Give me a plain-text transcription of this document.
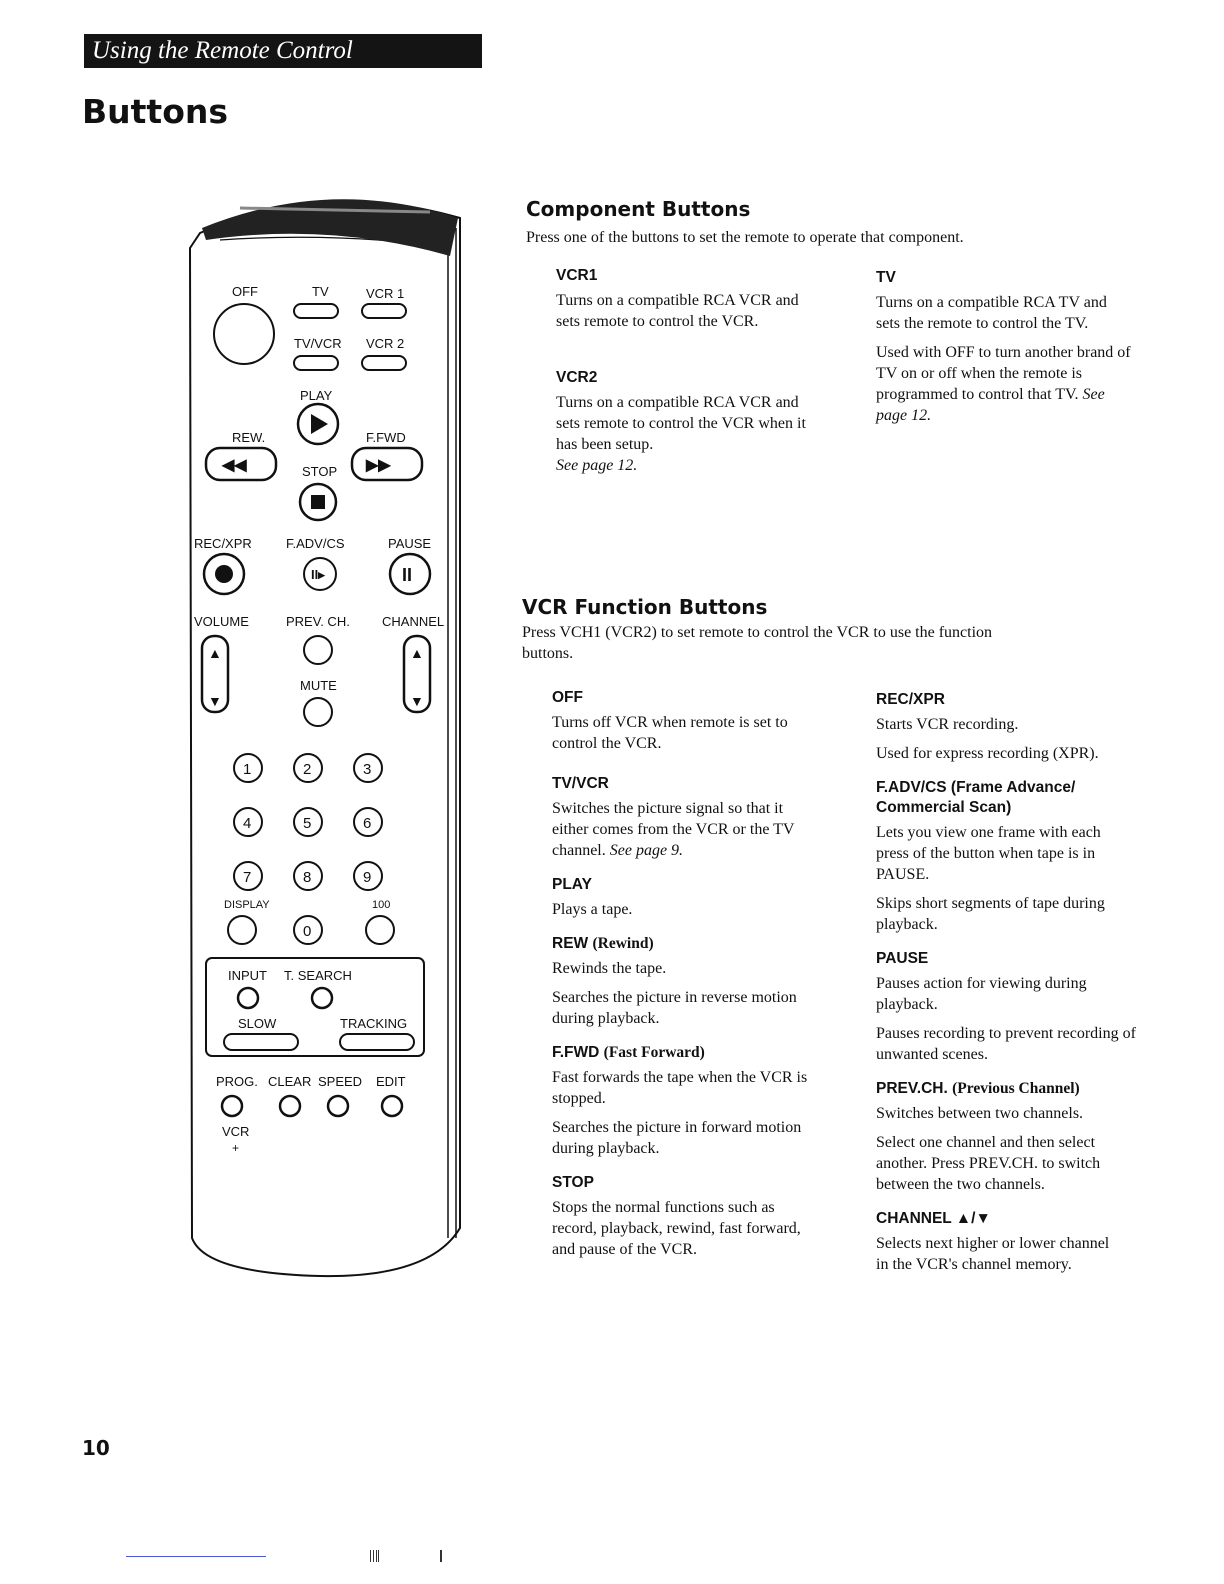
Using the Remote Control
Buttons
OFF	TV	VCR 1
TV/VCR VCR 2
PLAY
REW.
◀◀
F.FWD
▶▶
STOP
REC/XPR	F.ADV/CS	PAUSE
II▸	II
VOLUME	PREV. CH. CHANNEL
▲
▼
MUTE
▲
▼
1	2	3
4	5	6
7	8	9
0
DISPLAY	100
INPUT T. SEARCH
SLOW	TRACKING
PROG. CLEAR SPEED EDIT
VCR
+
Component Buttons

Press one of the buttons to set the remote to operate that component.

VCR1

Turns on a compatible RCA VCR and sets remote to control the VCR.

VCR2

Turns on a compatible RCA VCR and sets remote to control the VCR when it has been setup.
See page 12.

TV

Turns on a compatible RCA TV and sets the remote to control the TV.

Used with OFF to turn another brand of TV on or off when the remote is programmed to control that TV. See page 12.

VCR Function Buttons

Press VCH1 (VCR2) to set remote to control the VCR to use the function buttons.

OFF

Turns off VCR when remote is set to control the VCR.

TV/VCR

Switches the picture signal so that it either comes from the VCR or the TV channel. See page 9.

PLAY

Plays a tape.

REW (Rewind)

Rewinds the tape.

Searches the picture in reverse motion during playback.

F.FWD (Fast Forward)

Fast forwards the tape when the VCR is stopped.

Searches the picture in forward motion during playback.

STOP

Stops the normal functions such as record, playback, rewind, fast forward, and pause of the VCR.

REC/XPR

Starts VCR recording.

Used for express recording (XPR).

F.ADV/CS (Frame Advance/ Commercial Scan)

Lets you view one frame with each press of the button when tape is in PAUSE.

Skips short segments of tape during playback.

PAUSE

Pauses action for viewing during playback.

Pauses recording to prevent recording of unwanted scenes.

PREV.CH. (Previous Channel)

Switches between two channels.

Select one channel and then select another. Press PREV.CH. to switch between the two channels.

CHANNEL ▲/▼

Selects next higher or lower channel in the VCR's channel memory.

10
